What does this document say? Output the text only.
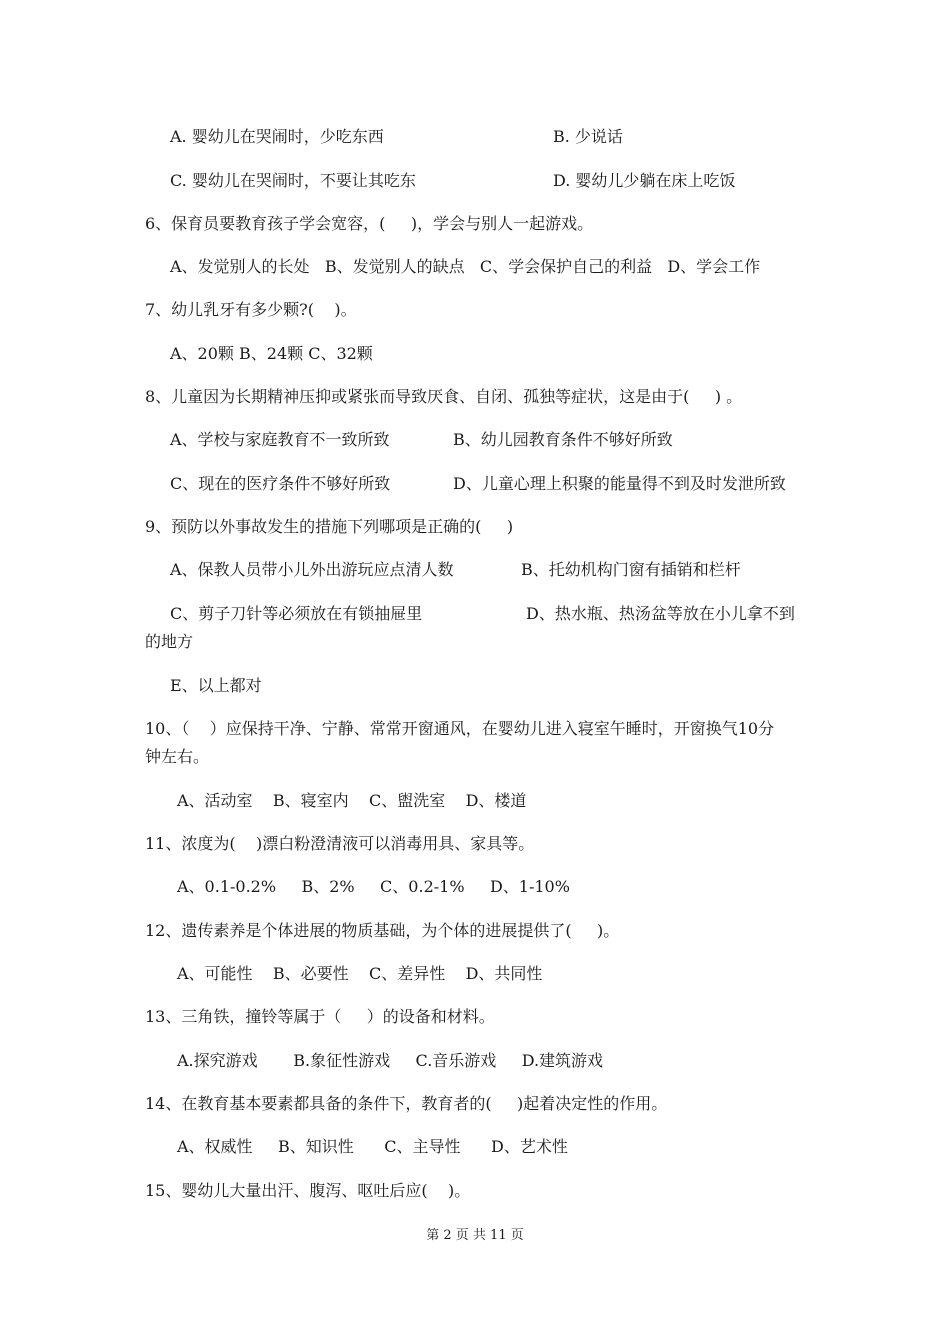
A. 婴幼儿在哭闹时，少吃东西	B. 少说话
C. 婴幼儿在哭闹时，不要让其吃东	D. 婴幼儿少躺在床上吃饭
6、保育员要教育孩子学会宽容，(     )，学会与别人一起游戏。
A、发觉别人的长处   B、发觉别人的缺点   C、学会保护自己的利益   D、学会工作
7、幼儿乳牙有多少颗?(    )。
A、20颗 B、24颗 C、32颗
8、儿童因为长期精神压抑或紧张而导致厌食、自闭、孤独等症状，这是由于(     ) 。
A、学校与家庭教育不一致所致	B、幼儿园教育条件不够好所致
C、现在的医疗条件不够好所致	D、儿童心理上积聚的能量得不到及时发泄所致
9、预防以外事故发生的措施下列哪项是正确的(     )
A、保教人员带小儿外出游玩应点清人数	B、托幼机构门窗有插销和栏杆
C、剪子刀针等必须放在有锁抽屉里	D、热水瓶、热汤盆等放在小儿拿不到
的地方
E、以上都对
10、（    ）应保持干净、宁静、常常开窗通风，在婴幼儿进入寝室午睡时，开窗换气10分
钟左右。
A、活动室    B、寝室内    C、盥洗室    D、楼道
11、浓度为(    )漂白粉澄清液可以消毒用具、家具等。
A、0.1-0.2%     B、2%     C、0.2-1%     D、1-10%
12、遗传素养是个体进展的物质基础，为个体的进展提供了(     )。
A、可能性    B、必要性    C、差异性    D、共同性
13、三角铁，撞铃等属于（     ）的设备和材料。
A.探究游戏       B.象征性游戏     C.音乐游戏     D.建筑游戏
14、在教育基本要素都具备的条件下，教育者的(     )起着决定性的作用。
A、权威性     B、知识性      C、主导性      D、艺术性
15、婴幼儿大量出汗、腹泻、呕吐后应(    )。
第 2 页 共 11 页
